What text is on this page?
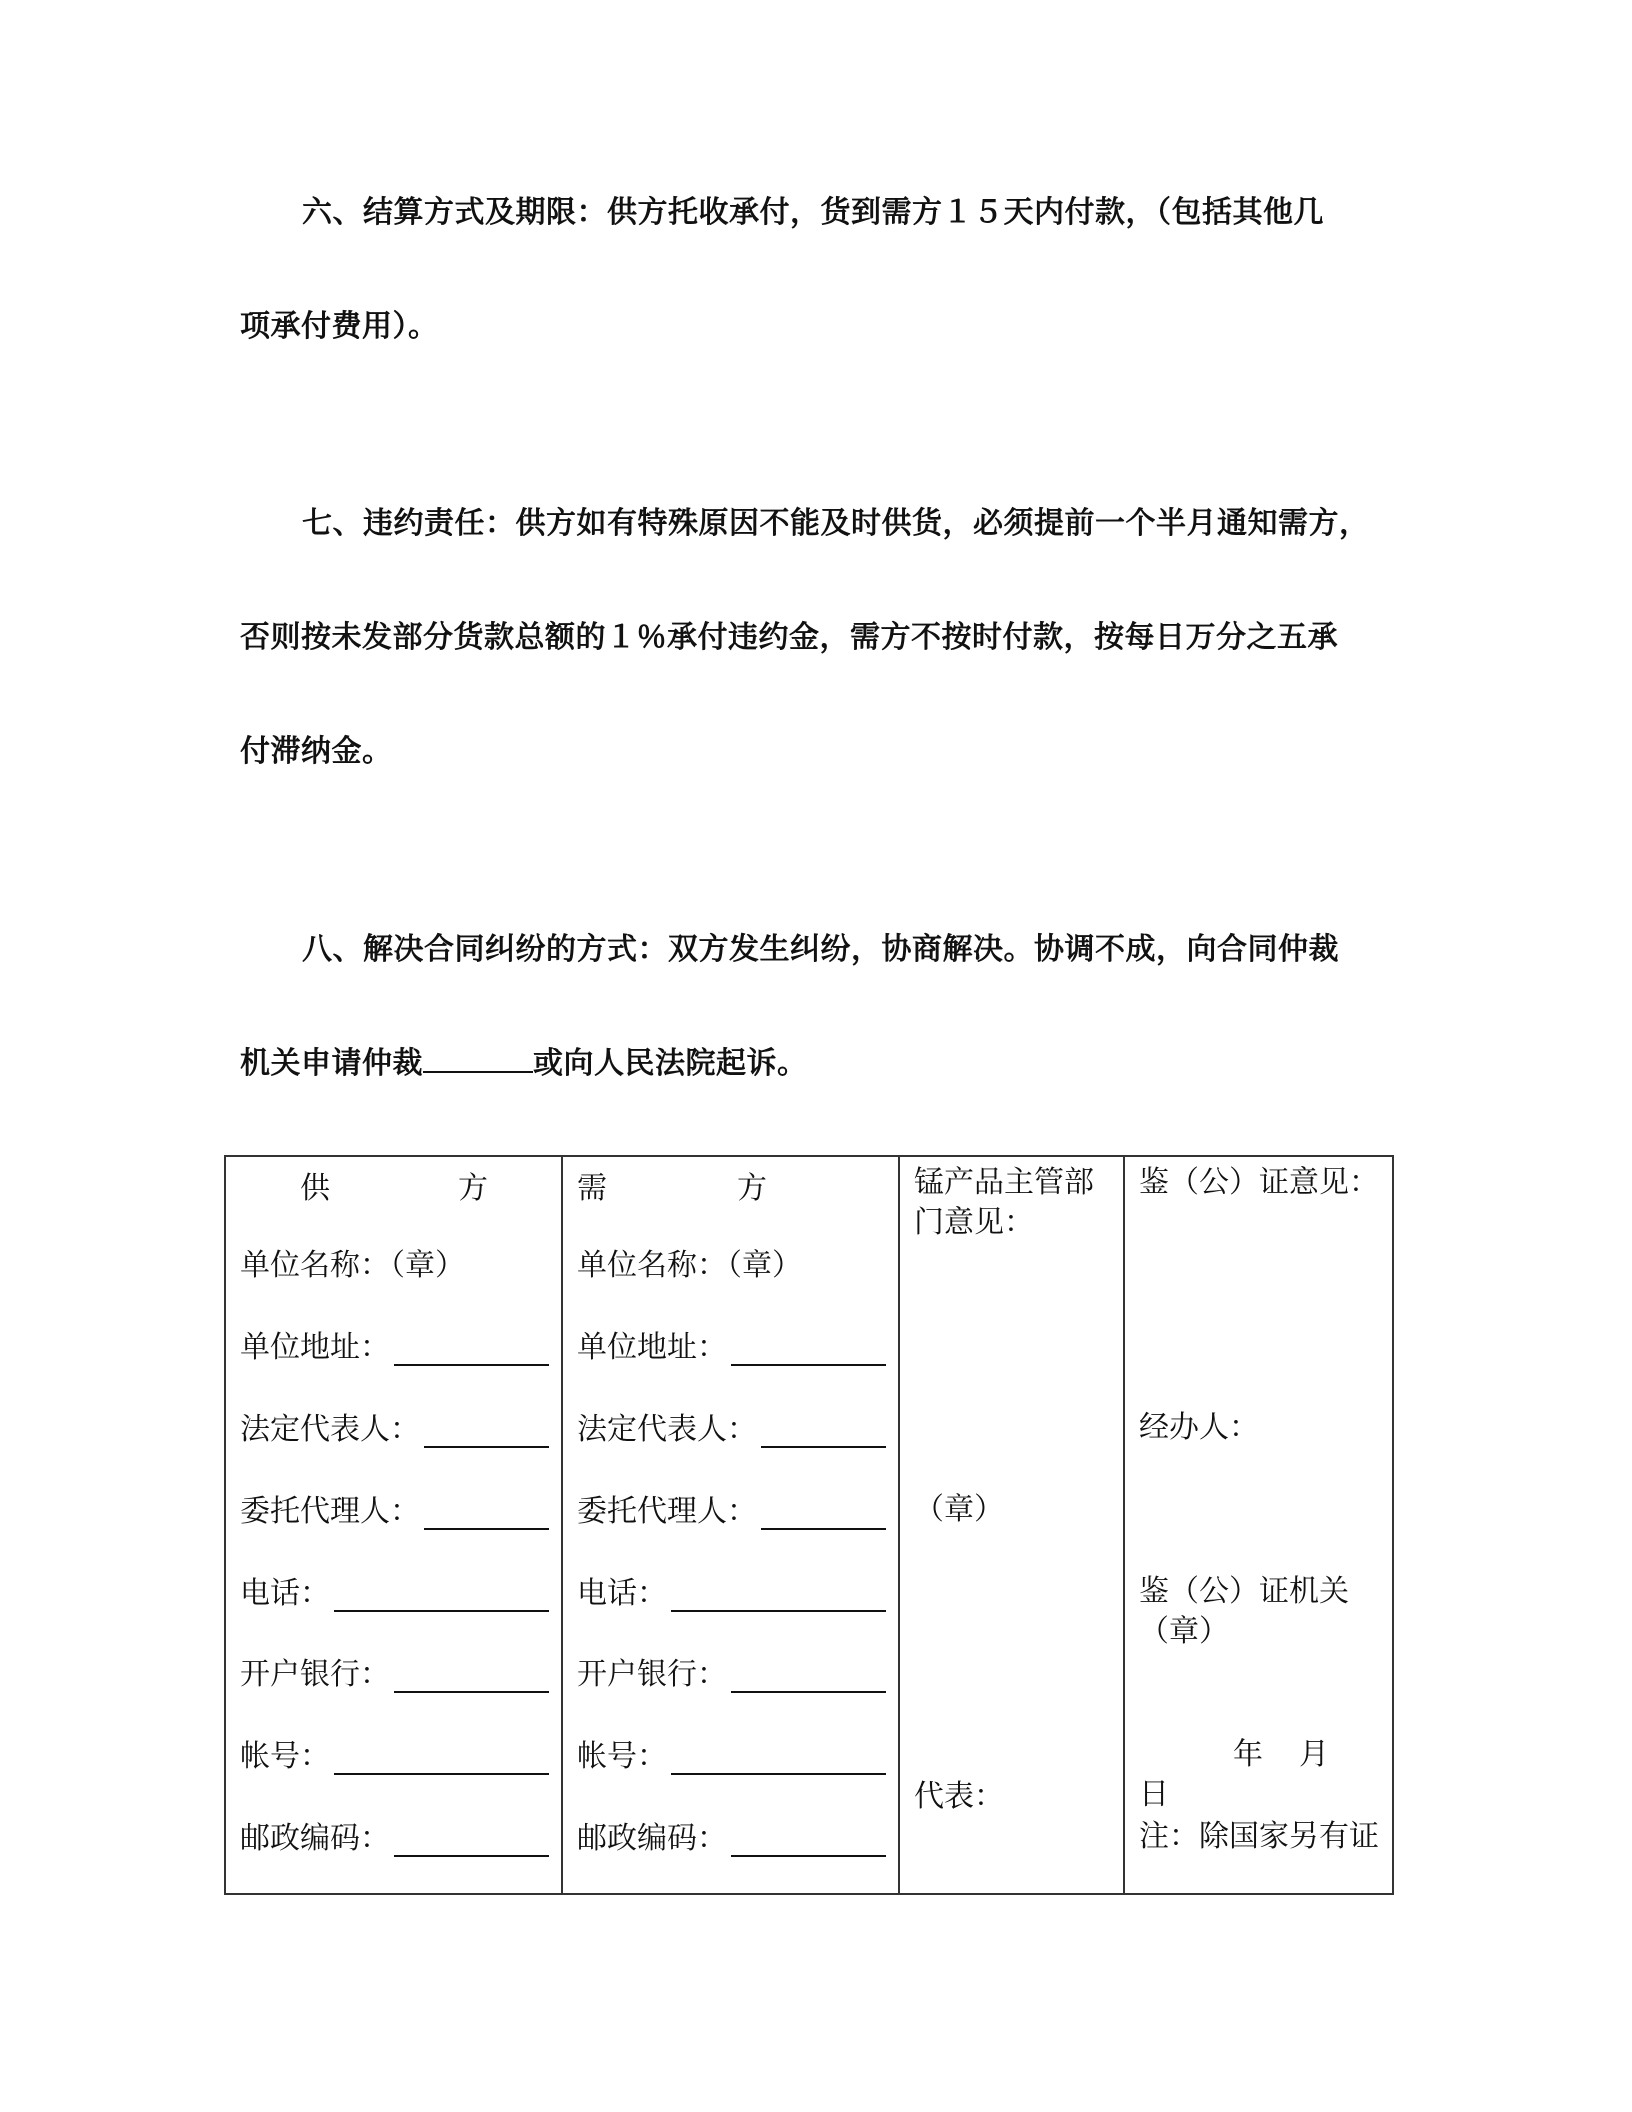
六、结算方式及期限：供方托收承付，货到需方１５天内付款，（包括其他几
项承付费用）。
七、违约责任：供方如有特殊原因不能及时供货，必须提前一个半月通知需方，
否则按未发部分货款总额的１％承付违约金，需方不按时付款，按每日万分之五承
付滞纳金。
八、解决合同纠纷的方式：双方发生纠纷，协商解决。协调不成，向合同仲裁
机关申请仲裁	或向人民法院起诉。
供	方
单位名称：（章）
单位地址：
法定代表人：
委托代理人：
电话：
开户银行：
帐号：
邮政编码：

需	方
单位名称：（章）
单位地址：
法定代表人：
委托代理人：
电话：
开户银行：
帐号：
邮政编码：

锰产品主管部门意见：
（章）
代表：

鉴（公）证意见：
经办人：
鉴（公）证机关（章）
年 月
日
注：除国家另有证
